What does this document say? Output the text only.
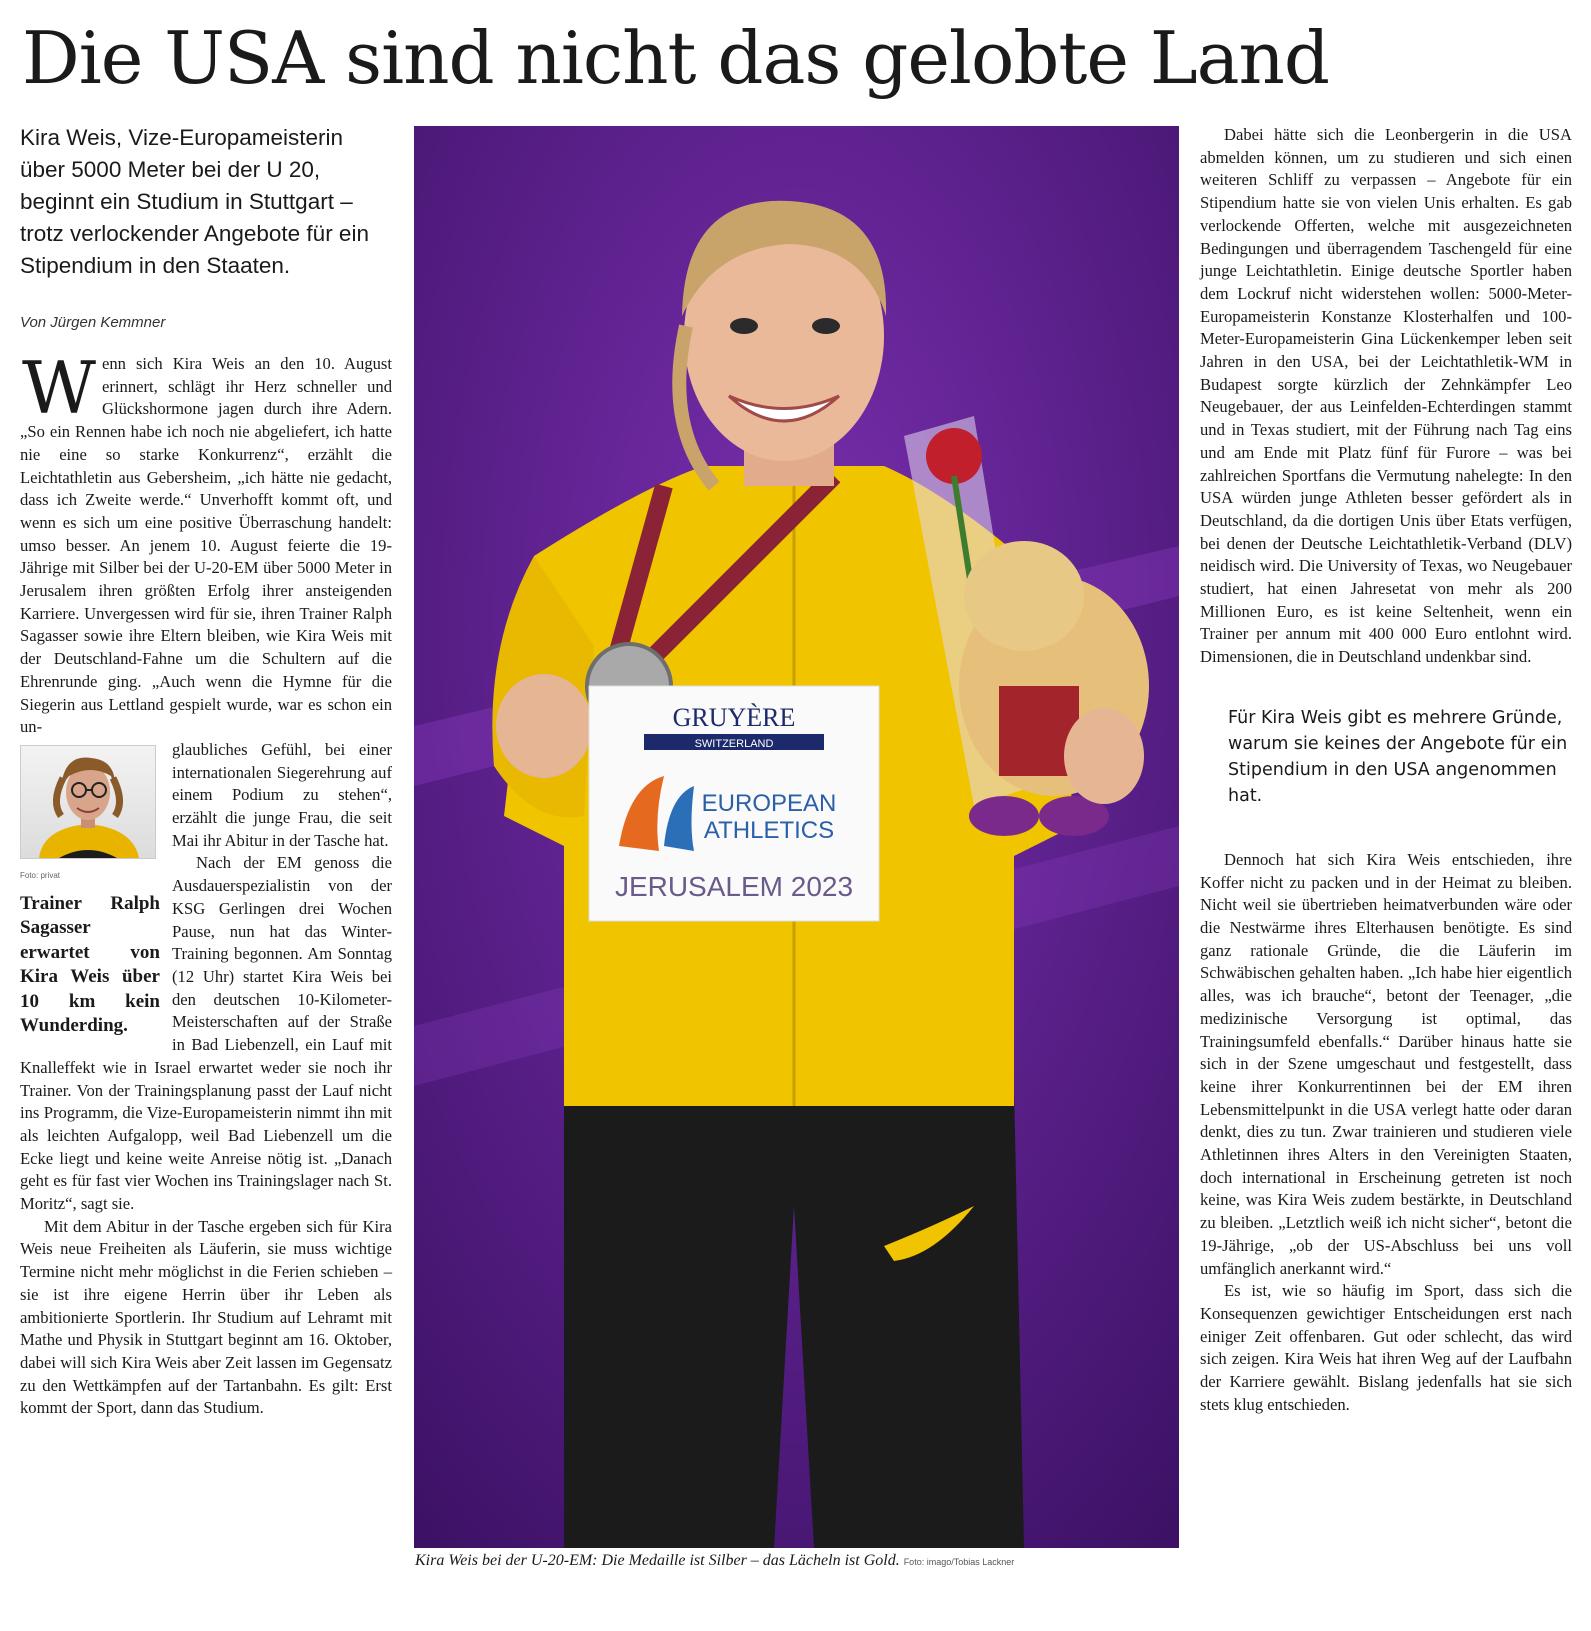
Die USA sind nicht das gelobte Land

Kira Weis, Vize-Europameisterin über 5000 Meter bei der U 20, beginnt ein Studium in Stuttgart – trotz verlockender Angebote für ein Stipendium in den Staaten.

Von Jürgen Kemmner

Wenn sich Kira Weis an den 10. August erinnert, schlägt ihr Herz schneller und Glückshormone jagen durch ihre Adern. „So ein Rennen habe ich noch nie abgeliefert, ich hatte nie eine so starke Konkurrenz“, erzählt die Leichtathletin aus Gebersheim, „ich hätte nie gedacht, dass ich Zweite werde.“ Unverhofft kommt oft, und wenn es sich um eine positive Überraschung handelt: umso besser. An jenem 10. August feierte die 19-Jährige mit Silber bei der U-20-EM über 5000 Meter in Jerusalem ihren größten Erfolg ihrer ansteigenden Karriere. Unvergessen wird für sie, ihren Trainer Ralph Sagasser sowie ihre Eltern bleiben, wie Kira Weis mit der Deutschland-Fahne um die Schultern auf die Ehrenrunde ging. „Auch wenn die Hymne für die Siegerin aus Lettland gespielt wurde, war es schon ein un-

Foto: privat
Trainer Ralph Sagasser erwartet von Kira Weis über 10 km kein Wunderding.

glaubliches Gefühl, bei einer internationalen Siegerehrung auf einem Podium zu stehen“, erzählt die junge Frau, die seit Mai ihr Abitur in der Tasche hat.

Nach der EM genoss die Ausdauerspezialistin von der KSG Gerlingen drei Wochen Pause, nun hat das Winter-Training begonnen. Am Sonntag (12 Uhr) startet Kira Weis bei den deutschen 10-Kilometer-Meisterschaften auf der Straße in Bad Liebenzell, ein Lauf mit Knalleffekt wie in Israel erwartet weder sie noch ihr Trainer. Von der Trainingsplanung passt der Lauf nicht ins Programm, die Vize-Europameisterin nimmt ihn mit als leichten Aufgalopp, weil Bad Liebenzell um die Ecke liegt und keine weite Anreise nötig ist. „Danach geht es für fast vier Wochen ins Trainingslager nach St. Moritz“, sagt sie.

Mit dem Abitur in der Tasche ergeben sich für Kira Weis neue Freiheiten als Läuferin, sie muss wichtige Termine nicht mehr möglichst in die Ferien schieben – sie ist ihre eigene Herrin über ihr Leben als ambitionierte Sportlerin. Ihr Studium auf Lehramt mit Mathe und Physik in Stuttgart beginnt am 16. Oktober, dabei will sich Kira Weis aber Zeit lassen im Gegensatz zu den Wettkämpfen auf der Tartanbahn. Es gilt: Erst kommt der Sport, dann das Studium.

GRUYÈRE
SWITZERLAND
EUROPEAN
ATHLETICS
JERUSALEM 2023
Kira Weis bei der U-20-EM: Die Medaille ist Silber – das Lächeln ist Gold. Foto: imago/Tobias Lackner

Dabei hätte sich die Leonbergerin in die USA abmelden können, um zu studieren und sich einen weiteren Schliff zu verpassen – Angebote für ein Stipendium hatte sie von vielen Unis erhalten. Es gab verlockende Offerten, welche mit ausgezeichneten Bedingungen und überragendem Taschengeld für eine junge Leichtathletin. Einige deutsche Sportler haben dem Lockruf nicht widerstehen wollen: 5000-Meter-Europameisterin Konstanze Klosterhalfen und 100-Meter-Europameisterin Gina Lückenkemper leben seit Jahren in den USA, bei der Leichtathletik-WM in Budapest sorgte kürzlich der Zehnkämpfer Leo Neugebauer, der aus Leinfelden-Echterdingen stammt und in Texas studiert, mit der Führung nach Tag eins und am Ende mit Platz fünf für Furore – was bei zahlreichen Sportfans die Vermutung nahelegte: In den USA würden junge Athleten besser gefördert als in Deutschland, da die dortigen Unis über Etats verfügen, bei denen der Deutsche Leichtathletik-Verband (DLV) neidisch wird. Die University of Texas, wo Neugebauer studiert, hat einen Jahresetat von mehr als 200 Millionen Euro, es ist keine Seltenheit, wenn ein Trainer per annum mit 400 000 Euro entlohnt wird. Dimensionen, die in Deutschland undenkbar sind.

Für Kira Weis gibt es mehrere Gründe, warum sie keines der Angebote für ein Stipendium in den USA angenommen hat.

Dennoch hat sich Kira Weis entschieden, ihre Koffer nicht zu packen und in der Heimat zu bleiben. Nicht weil sie übertrieben heimatverbunden wäre oder die Nestwärme ihres Elterhausen benötigte. Es sind ganz rationale Gründe, die die Läuferin im Schwäbischen gehalten haben. „Ich habe hier eigentlich alles, was ich brauche“, betont der Teenager, „die medizinische Versorgung ist optimal, das Trainingsumfeld ebenfalls.“ Darüber hinaus hatte sie sich in der Szene umgeschaut und festgestellt, dass keine ihrer Konkurrentinnen bei der EM ihren Lebensmittelpunkt in die USA verlegt hatte oder daran denkt, dies zu tun. Zwar trainieren und studieren viele Athletinnen ihres Alters in den Vereinigten Staaten, doch international in Erscheinung getreten ist noch keine, was Kira Weis zudem bestärkte, in Deutschland zu bleiben. „Letztlich weiß ich nicht sicher“, betont die 19-Jährige, „ob der US-Abschluss bei uns voll umfänglich anerkannt wird.“

Es ist, wie so häufig im Sport, dass sich die Konsequenzen gewichtiger Entscheidungen erst nach einiger Zeit offenbaren. Gut oder schlecht, das wird sich zeigen. Kira Weis hat ihren Weg auf der Laufbahn der Karriere gewählt. Bislang jedenfalls hat sie sich stets klug entschieden.
